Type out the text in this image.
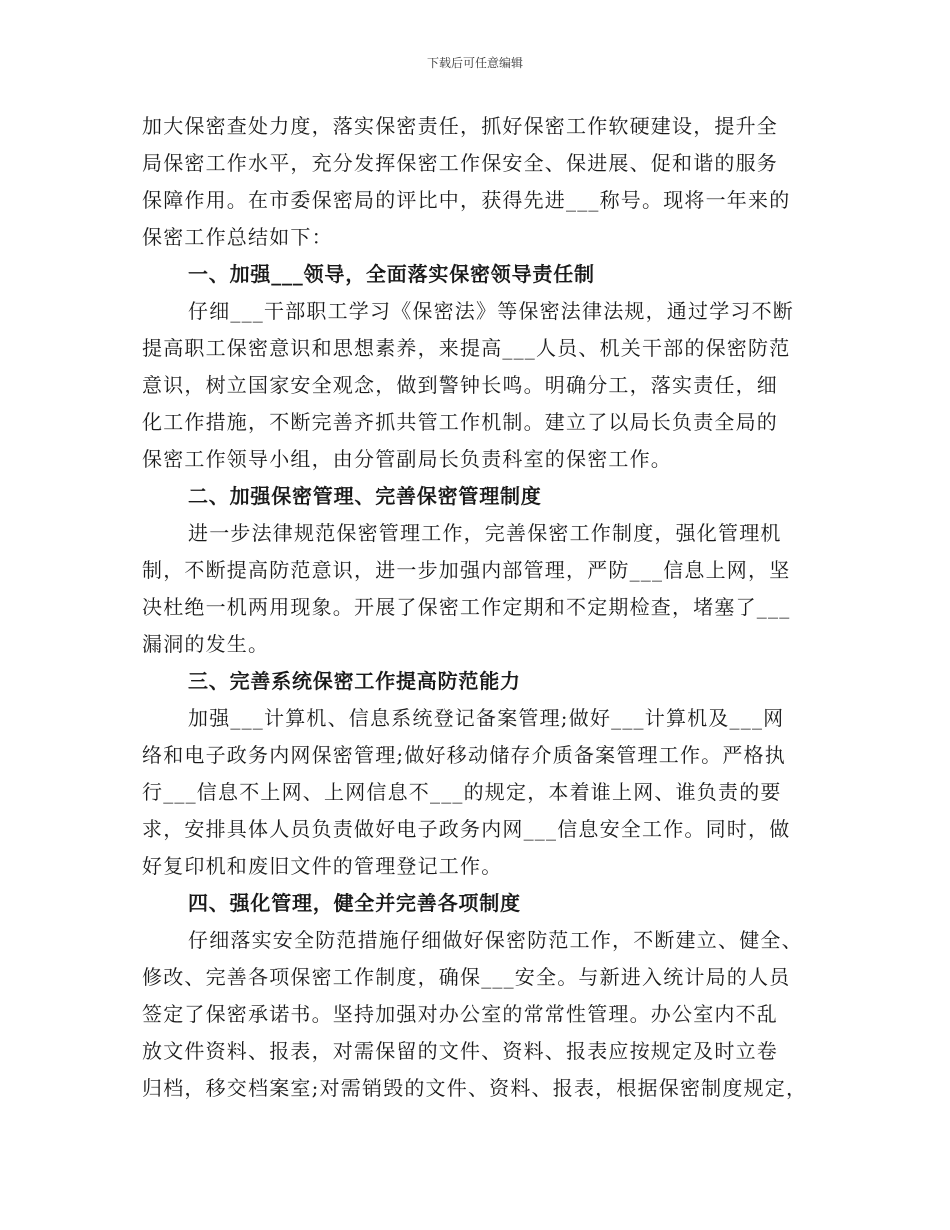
下载后可任意编辑
加大保密查处力度，落实保密责任，抓好保密工作软硬建设，提升全
局保密工作水平，充分发挥保密工作保安全、保进展、促和谐的服务
保障作用。在市委保密局的评比中，获得先进___称号。现将一年来的
保密工作总结如下：
一、加强___领导，全面落实保密领导责任制
仔细___干部职工学习《保密法》等保密法律法规，通过学习不断
提高职工保密意识和思想素养，来提高___人员、机关干部的保密防范
意识，树立国家安全观念，做到警钟长鸣。明确分工，落实责任，细
化工作措施，不断完善齐抓共管工作机制。建立了以局长负责全局的
保密工作领导小组，由分管副局长负责科室的保密工作。
二、加强保密管理、完善保密管理制度
进一步法律规范保密管理工作，完善保密工作制度，强化管理机
制，不断提高防范意识，进一步加强内部管理，严防___信息上网，坚
决杜绝一机两用现象。开展了保密工作定期和不定期检查，堵塞了___
漏洞的发生。
三、完善系统保密工作提高防范能力
加强___计算机、信息系统登记备案管理;做好___计算机及___网
络和电子政务内网保密管理;做好移动储存介质备案管理工作。严格执
行___信息不上网、上网信息不___的规定，本着谁上网、谁负责的要
求，安排具体人员负责做好电子政务内网___信息安全工作。同时，做
好复印机和废旧文件的管理登记工作。
四、强化管理，健全并完善各项制度
仔细落实安全防范措施仔细做好保密防范工作，不断建立、健全、
修改、完善各项保密工作制度，确保___安全。与新进入统计局的人员
签定了保密承诺书。坚持加强对办公室的常常性管理。办公室内不乱
放文件资料、报表，对需保留的文件、资料、报表应按规定及时立卷
归档，移交档案室;对需销毁的文件、资料、报表，根据保密制度规定，
